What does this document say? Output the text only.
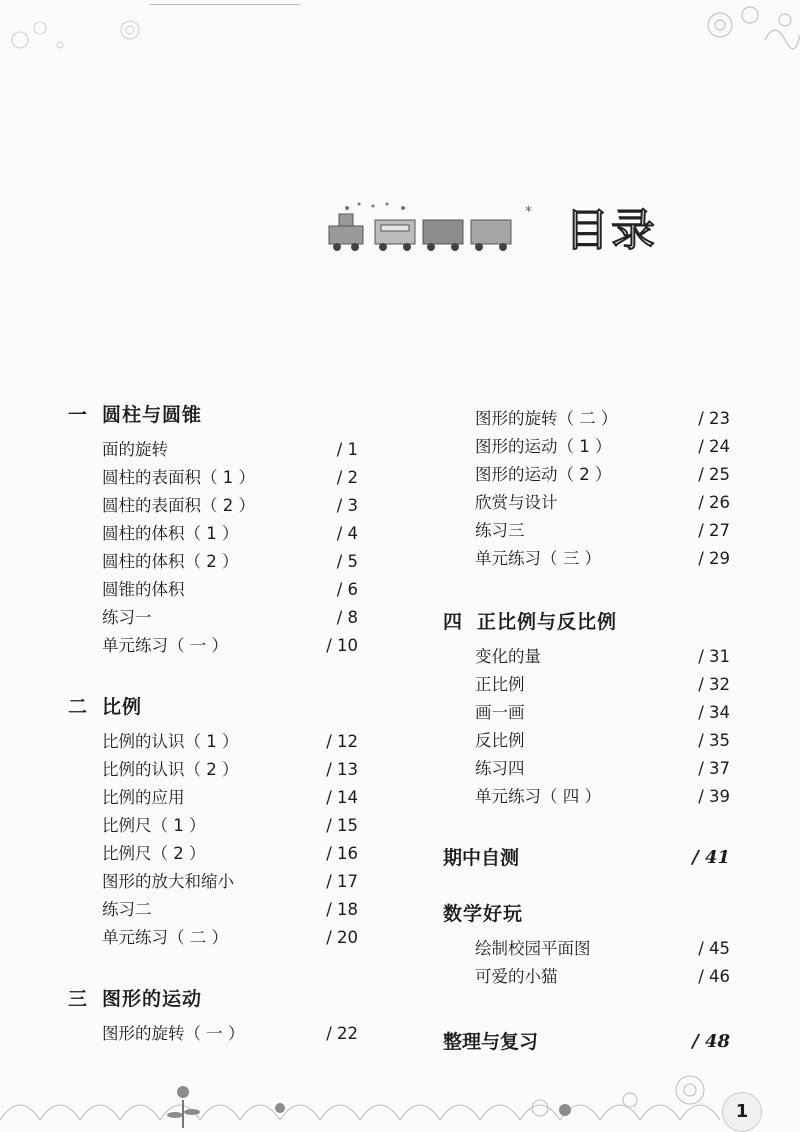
* 目录
一 圆柱与圆锥
面的旋转	/ 1
圆柱的表面积（ 1 ）	/ 2
圆柱的表面积（ 2 ）	/ 3
圆柱的体积（ 1 ）	/ 4
圆柱的体积（ 2 ）	/ 5
圆锥的体积	/ 6
练习一	/ 8
单元练习（ 一 ）	/ 10
二 比例
比例的认识（ 1 ）	/ 12
比例的认识（ 2 ）	/ 13
比例的应用	/ 14
比例尺（ 1 ）	/ 15
比例尺（ 2 ）	/ 16
图形的放大和缩小	/ 17
练习二	/ 18
单元练习（ 二 ）	/ 20
三 图形的运动
图形的旋转（ 一 ）	/ 22
图形的旋转（ 二 ）	/ 23
图形的运动（ 1 ）	/ 24
图形的运动（ 2 ）	/ 25
欣赏与设计	/ 26
练习三	/ 27
单元练习（ 三 ）	/ 29
四 正比例与反比例
变化的量	/ 31
正比例	/ 32
画一画	/ 34
反比例	/ 35
练习四	/ 37
单元练习（ 四 ）	/ 39
期中自测	/ 41
数学好玩
绘制校园平面图	/ 45
可爱的小猫	/ 46
整理与复习	/ 48
1
